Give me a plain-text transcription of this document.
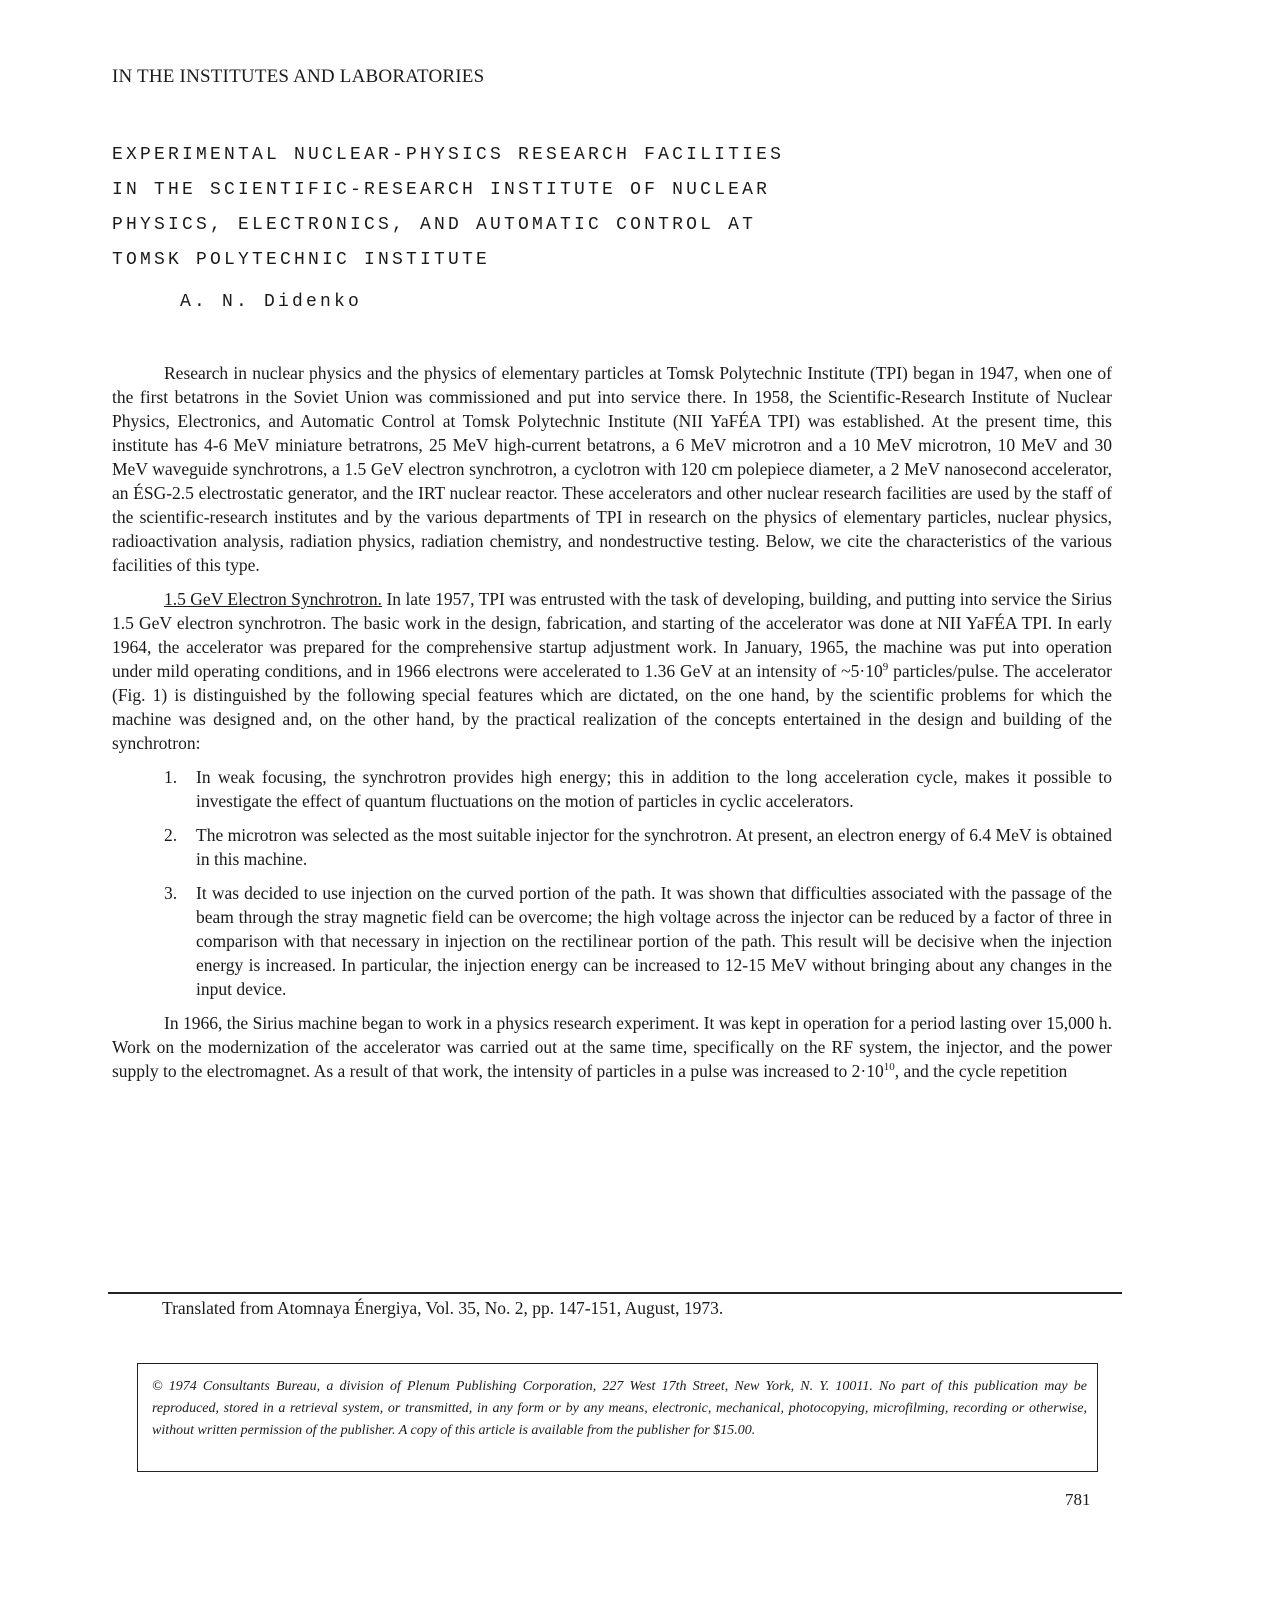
IN THE INSTITUTES AND LABORATORIES
EXPERIMENTAL NUCLEAR-PHYSICS RESEARCH FACILITIES
IN THE SCIENTIFIC-RESEARCH INSTITUTE OF NUCLEAR
PHYSICS, ELECTRONICS, AND AUTOMATIC CONTROL AT
TOMSK POLYTECHNIC INSTITUTE
A. N. Didenko

Research in nuclear physics and the physics of elementary particles at Tomsk Polytechnic Institute (TPI) began in 1947, when one of the first betatrons in the Soviet Union was commissioned and put into service there. In 1958, the Scientific-Research Institute of Nuclear Physics, Electronics, and Automatic Control at Tomsk Polytechnic Institute (NII YaFÉA TPI) was established. At the present time, this institute has 4-6 MeV miniature betratrons, 25 MeV high-current betatrons, a 6 MeV microtron and a 10 MeV microtron, 10 MeV and 30 MeV waveguide synchrotrons, a 1.5 GeV electron synchrotron, a cyclotron with 120 cm polepiece diameter, a 2 MeV nanosecond accelerator, an ÉSG-2.5 electrostatic generator, and the IRT nuclear reactor. These accelerators and other nuclear research facilities are used by the staff of the scientific-research institutes and by the various departments of TPI in research on the physics of elementary particles, nuclear physics, radioactivation analysis, radiation physics, radiation chemistry, and nondestructive testing. Below, we cite the characteristics of the various facilities of this type.

1.5 GeV Electron Synchrotron. In late 1957, TPI was entrusted with the task of developing, building, and putting into service the Sirius 1.5 GeV electron synchrotron. The basic work in the design, fabrication, and starting of the accelerator was done at NII YaFÉA TPI. In early 1964, the accelerator was prepared for the comprehensive startup adjustment work. In January, 1965, the machine was put into operation under mild operating conditions, and in 1966 electrons were accelerated to 1.36 GeV at an intensity of $\sim 5\cdot 10^9$ particles/pulse. The accelerator (Fig. 1) is distinguished by the following special features which are dictated, on the one hand, by the scientific problems for which the machine was designed and, on the other hand, by the practical realization of the concepts entertained in the design and building of the synchrotron:

1. In weak focusing, the synchrotron provides high energy; this in addition to the long acceleration cycle, makes it possible to investigate the effect of quantum fluctuations on the motion of particles in cyclic accelerators.
2. The microtron was selected as the most suitable injector for the synchrotron. At present, an electron energy of 6.4 MeV is obtained in this machine.
3. It was decided to use injection on the curved portion of the path. It was shown that difficulties associated with the passage of the beam through the stray magnetic field can be overcome; the high voltage across the injector can be reduced by a factor of three in comparison with that necessary in injection on the rectilinear portion of the path. This result will be decisive when the injection energy is increased. In particular, the injection energy can be increased to 12-15 MeV without bringing about any changes in the input device.

In 1966, the Sirius machine began to work in a physics research experiment. It was kept in operation for a period lasting over 15,000 h. Work on the modernization of the accelerator was carried out at the same time, specifically on the RF system, the injector, and the power supply to the electromagnet. As a result of that work, the intensity of particles in a pulse was increased to $2\cdot 10^{10}$, and the cycle repetition

Translated from Atomnaya Énergiya, Vol. 35, No. 2, pp. 147-151, August, 1973.
© 1974 Consultants Bureau, a division of Plenum Publishing Corporation, 227 West 17th Street, New York, N. Y. 10011. No part of this publication may be reproduced, stored in a retrieval system, or transmitted, in any form or by any means, electronic, mechanical, photocopying, microfilming, recording or otherwise, without written permission of the publisher. A copy of this article is available from the publisher for $15.00.
781
